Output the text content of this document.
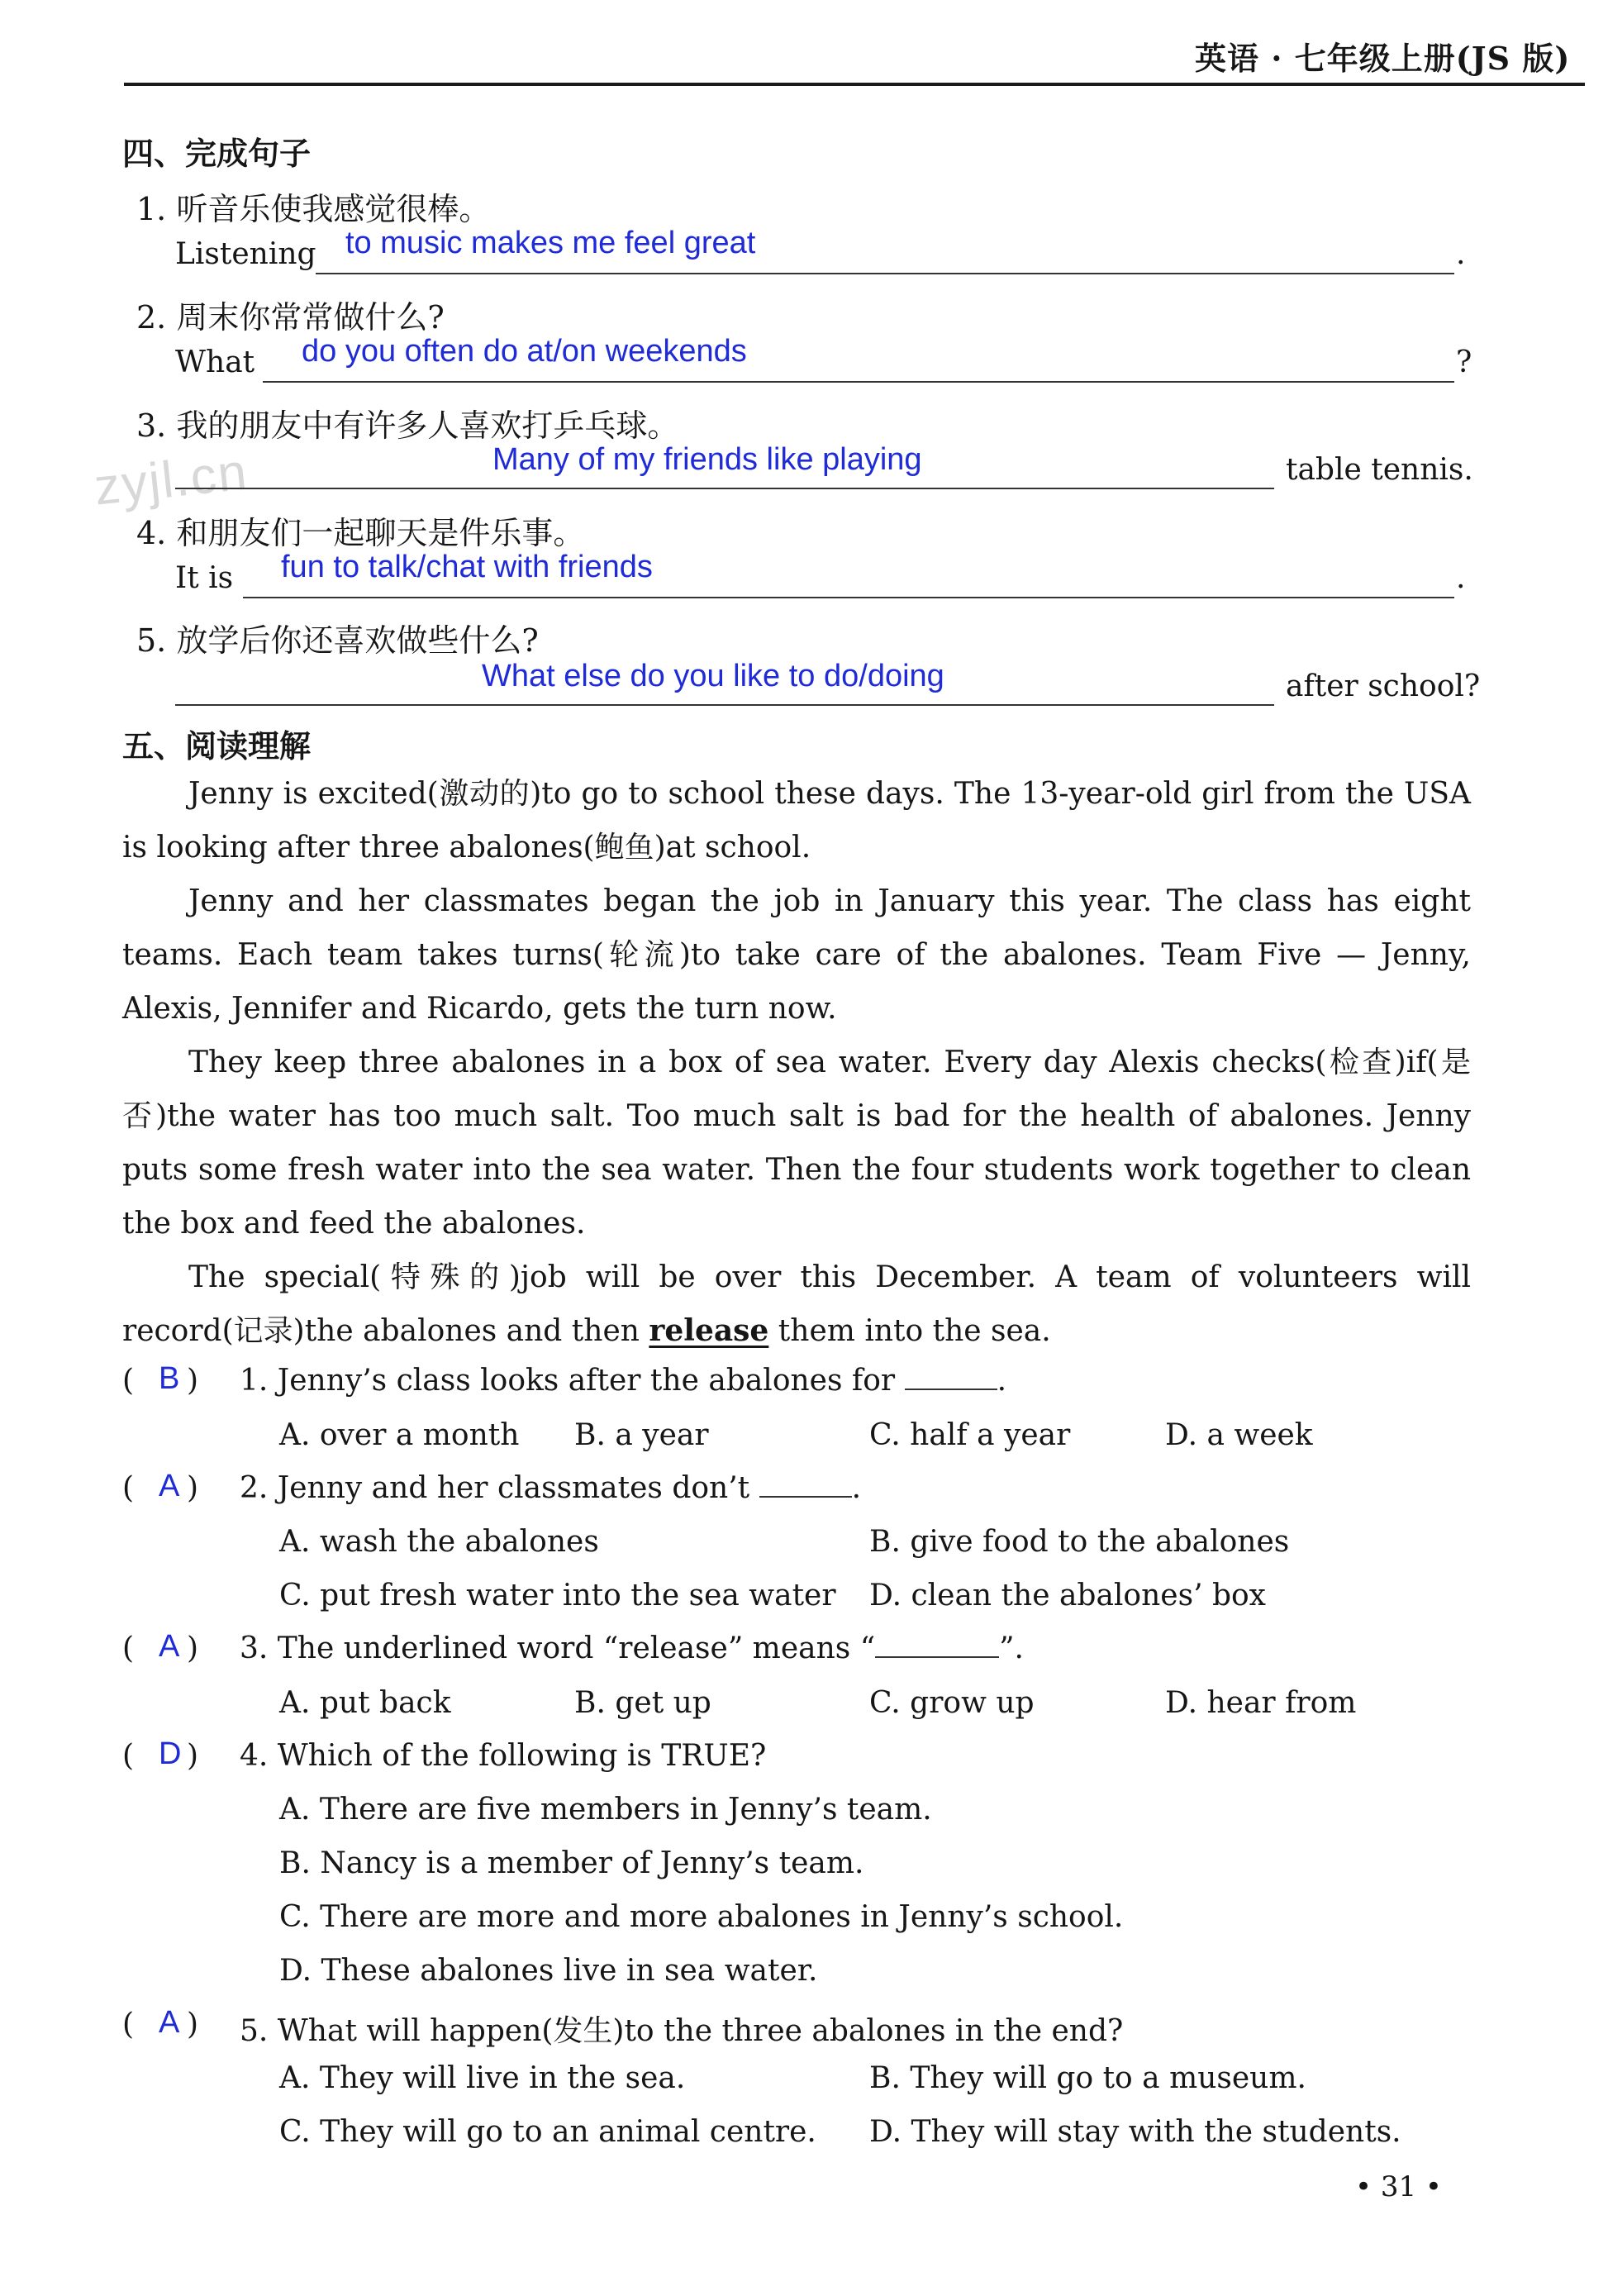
英语 · 七年级上册(JS 版)
zyjl.cn
四、完成句子
1. 听音乐使我感觉很棒。
Listening to music makes me feel great	.
2. 周末你常常做什么?
What do you often do at/on weekends	?
3. 我的朋友中有许多人喜欢打乒乓球。
Many of my friends like playing	table tennis.
4. 和朋友们一起聊天是件乐事。
It is fun to talk/chat with friends	.
5. 放学后你还喜欢做些什么?
What else do you like to do/doing	after school?
五、阅读理解
Jenny is excited(激动的)to go to school these days. The 13-year-old girl from the USA is looking after three abalones(鲍鱼)at school.
Jenny and her classmates began the job in January this year. The class has eight teams. Each team takes turns(轮流)to take care of the abalones. Team Five — Jenny, Alexis, Jennifer and Ricardo, gets the turn now.
They keep three abalones in a box of sea water. Every day Alexis checks(检查)if(是否)the water has too much salt. Too much salt is bad for the health of abalones. Jenny puts some fresh water into the sea water. Then the four students work together to clean the box and feed the abalones.
The special(特殊的)job will be over this December. A team of volunteers will record(记录)the abalones and then release them into the sea.
( )
B 1. Jenny’s class looks after the abalones for	.
A. over a month B. a year	C. half a year	D. a week
( )
A 2. Jenny and her classmates don’t	.
A. wash the abalones	B. give food to the abalones
C. put fresh water into the sea water D. clean the abalones’ box
( )
A 3. The underlined word “release” means “	”.
A. put back	B. get up	C. grow up	D. hear from
( )
D 4. Which of the following is TRUE?
A. There are five members in Jenny’s team.
B. Nancy is a member of Jenny’s team.
C. There are more and more abalones in Jenny’s school.
D. These abalones live in sea water.
( )
A 5. What will happen(发生)to the three abalones in the end?
A. They will live in the sea.	B. They will go to a museum.
C. They will go to an animal centre. D. They will stay with the students.
• 31 •
